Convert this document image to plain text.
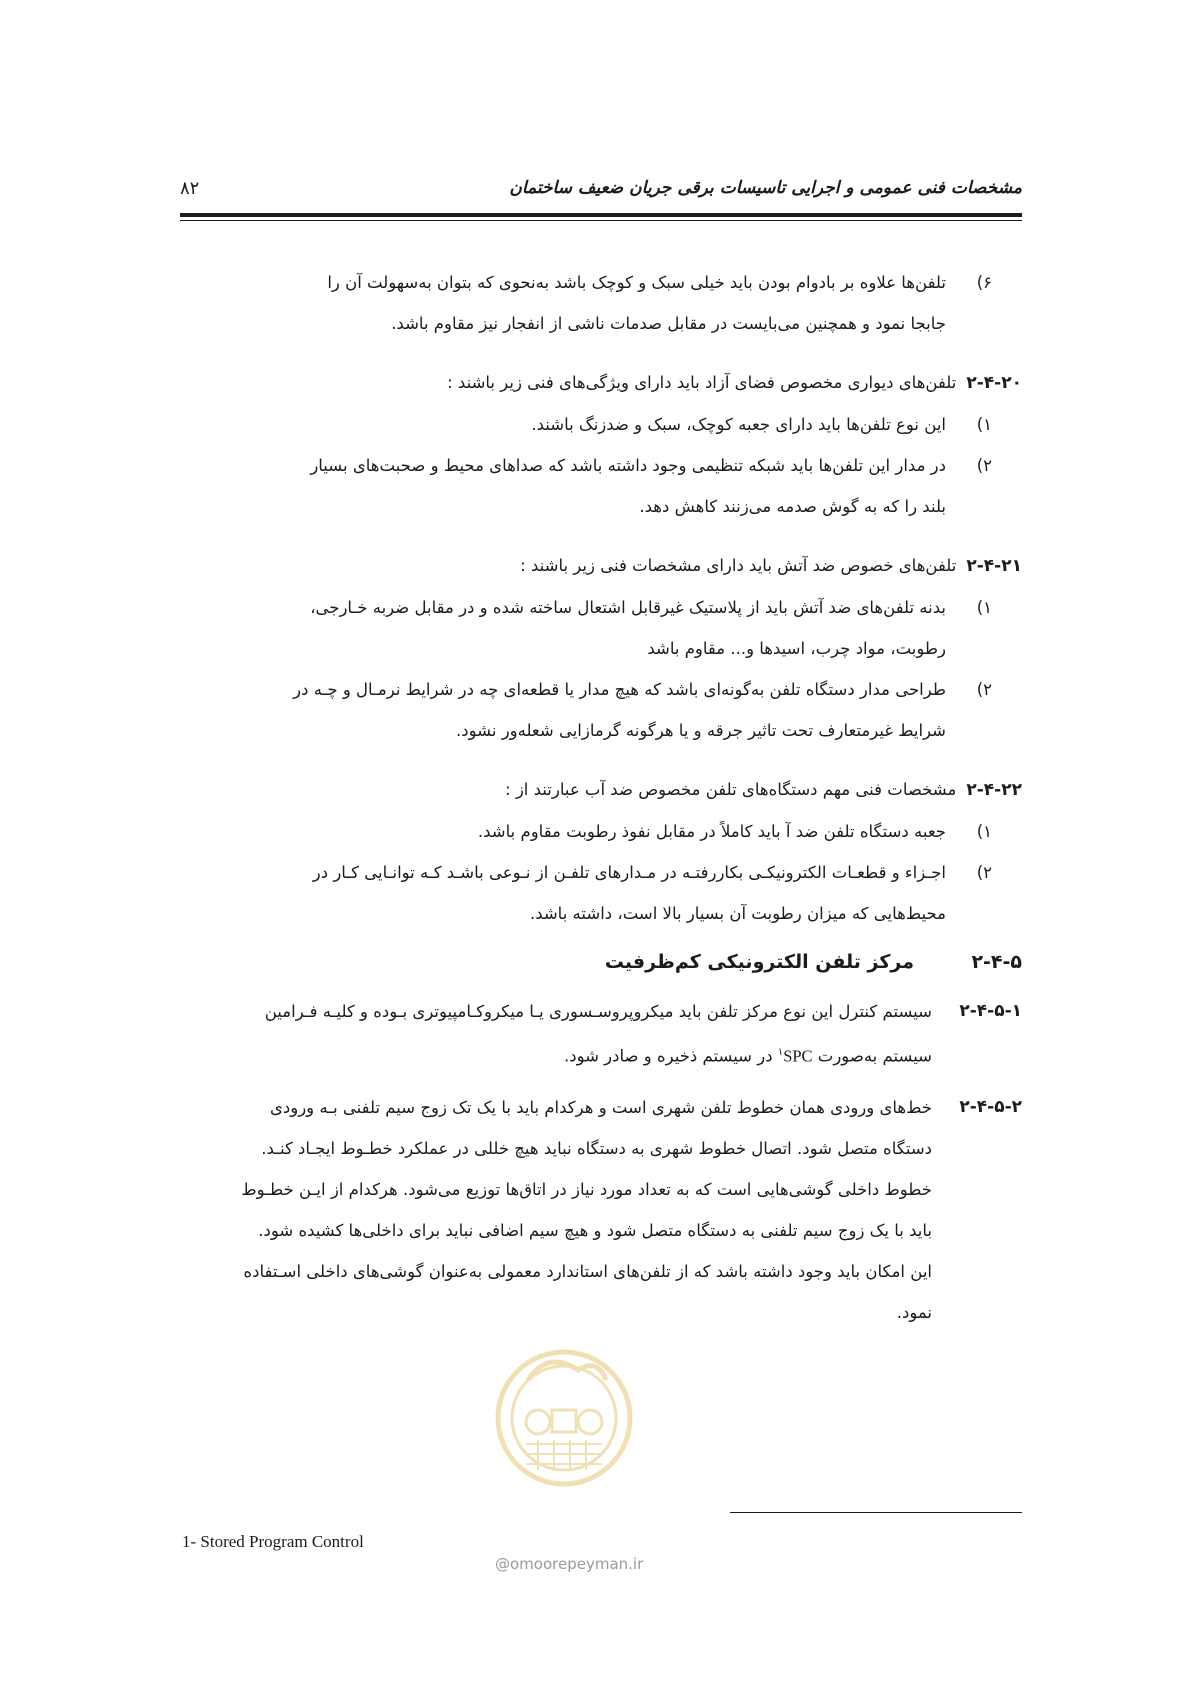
مشخصات فنی عمومی و اجرایی تاسیسات برقی جریان ضعیف ساختمان
۸۲
۶)
تلفن‌ها علاوه بر بادوام بودن باید خیلی سبک و کوچک باشد به‌نحوی که بتوان به‌سهولت آن را
جابجا نمود و همچنین می‌بایست در مقابل صدمات ناشی از انفجار نیز مقاوم باشد.
۲-۴-۲۰تلفن‌های دیواری مخصوص فضای آزاد باید دارای ویژگی‌های فنی زیر باشند :
۱)
این نوع تلفن‌ها باید دارای جعبه کوچک، سبک و ضدزنگ باشند.
۲)
در مدار این تلفن‌ها باید شبکه تنظیمی وجود داشته باشد که صداهای محیط و صحبت‌های بسیار
بلند را که به گوش صدمه می‌زنند کاهش دهد.
۲-۴-۲۱تلفن‌های خصوص ضد آتش باید دارای مشخصات فنی زیر باشند :
۱)
بدنه تلفن‌های ضد آتش باید از پلاستیک غیرقابل اشتعال ساخته شده و در مقابل ضربه خـارجی،
رطوبت، مواد چرب، اسیدها و... مقاوم باشد
۲)
طراحی مدار دستگاه تلفن به‌گونه‌ای باشد که هیچ مدار یا قطعه‌ای چه در شرایط نرمـال و چـه در
شرایط غیرمتعارف تحت تاثیر جرقه و یا هرگونه گرمازایی شعله‌ور نشود.
۲-۴-۲۲مشخصات فنی مهم دستگاه‌های تلفن مخصوص ضد آب عبارتند از :
۱)
جعبه دستگاه تلفن ضد آ باید کاملاً در مقابل نفوذ رطوبت مقاوم باشد.
۲)
اجـزاء و قطعـات الکترونیکـی بکاررفتـه در مـدارهای تلفـن از نـوعی باشـد کـه توانـایی کـار در
محیط‌هایی که میزان رطوبت آن بسیار بالا است، داشته باشد.
۲-۴-۵مرکز تلفن الکترونیکی کم‌ظرفیت
۲-۴-۵-۱
سیستم کنترل این نوع مرکز تلفن باید میکروپروسـسوری یـا میکروکـامپیوتری بـوده و کلیـه فـرامین
سیستم به‌صورت SPC$^۱$ در سیستم ذخیره و صادر شود.
۲-۴-۵-۲
خط‌های ورودی همان خطوط تلفن شهری است و هرکدام باید با یک تک زوج سیم تلفنی بـه ورودی
دستگاه متصل شود. اتصال خطوط شهری به دستگاه نباید هیچ خللی در عملکرد خطـوط ایجـاد کنـد.
خطوط داخلی گوشی‌هایی است که به تعداد مورد نیاز در اتاق‌ها توزیع می‌شود. هرکدام از ایـن خطـوط
باید با یک زوج سیم تلفنی به دستگاه متصل شود و هیچ سیم اضافی نباید برای داخلی‌ها کشیده شود.
این امکان باید وجود داشته باشد که از تلفن‌های استاندارد معمولی به‌عنوان گوشی‌های داخلی اسـتفاده
نمود.
@omoorepeyman.ir
1- Stored Program Control
